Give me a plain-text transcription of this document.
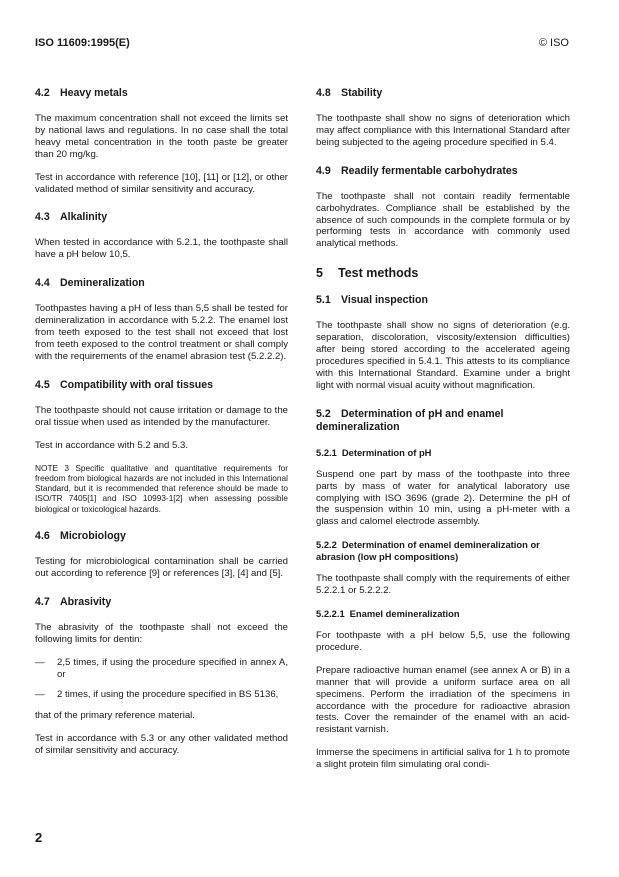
ISO 11609:1995(E)	© ISO
4.2 Heavy metals

The maximum concentration shall not exceed the limits set by national laws and regulations. In no case shall the total heavy metal concentration in the tooth paste be greater than 20 mg/kg.

Test in accordance with reference [10], [11] or [12], or other validated method of similar sensitivity and accuracy.

4.3 Alkalinity

When tested in accordance with 5.2.1, the toothpaste shall have a pH below 10,5.

4.4 Demineralization

Toothpastes having a pH of less than 5,5 shall be tested for demineralization in accordance with 5.2.2. The enamel lost from teeth exposed to the test shall not exceed that lost from teeth exposed to the control treatment or shall comply with the requirements of the enamel abrasion test (5.2.2.2).

4.5 Compatibility with oral tissues

The toothpaste should not cause irritation or damage to the oral tissue when used as intended by the manufacturer.

Test in accordance with 5.2 and 5.3.

NOTE 3 Specific qualitative and quantitative requirements for freedom from biological hazards are not included in this International Standard, but it is recommended that reference should be made to ISO/TR 7405[1] and ISO 10993-1[2] when assessing possible biological or toxicological hazards.

4.6 Microbiology

Testing for microbiological contamination shall be carried out according to reference [9] or references [3], [4] and [5].

4.7 Abrasivity

The abrasivity of the toothpaste shall not exceed the following limits for dentin:

—	2,5 times, if using the procedure specified in annex A, or
—	2 times, if using the procedure specified in BS 5136,

that of the primary reference material.

Test in accordance with 5.3 or any other validated method of similar sensitivity and accuracy.

4.8 Stability

The toothpaste shall show no signs of deterioration which may affect compliance with this International Standard after being subjected to the ageing procedure specified in 5.4.

4.9 Readily fermentable carbohydrates

The toothpaste shall not contain readily fermentable carbohydrates. Compliance shall be established by the absence of such compounds in the complete formula or by performing tests in accordance with commonly used analytical methods.

5 Test methods
5.1 Visual inspection

The toothpaste shall show no signs of deterioration (e.g. separation, discoloration, viscosity/extension difficulties) after being stored according to the accelerated ageing procedures specified in 5.4.1. This attests to its compliance with this International Standard. Examine under a bright light with normal visual acuity without magnification.

5.2 Determination of pH and enamel demineralization
5.2.1 Determination of pH

Suspend one part by mass of the toothpaste into three parts by mass of water for analytical laboratory use complying with ISO 3696 (grade 2). Determine the pH of the suspension within 10 min, using a pH-meter with a glass and calomel electrode assembly.

5.2.2 Determination of enamel demineralization or abrasion (low pH compositions)

The toothpaste shall comply with the requirements of either 5.2.2.1 or 5.2.2.2.

5.2.2.1 Enamel demineralization

For toothpaste with a pH below 5,5, use the following procedure.

Prepare radioactive human enamel (see annex A or B) in a manner that will provide a uniform surface area on all specimens. Perform the irradiation of the specimens in accordance with the procedure for radioactive abrasion tests. Cover the remainder of the enamel with an acid-resistant varnish.

Immerse the specimens in artificial saliva for 1 h to promote a slight protein film simulating oral condi-

2
